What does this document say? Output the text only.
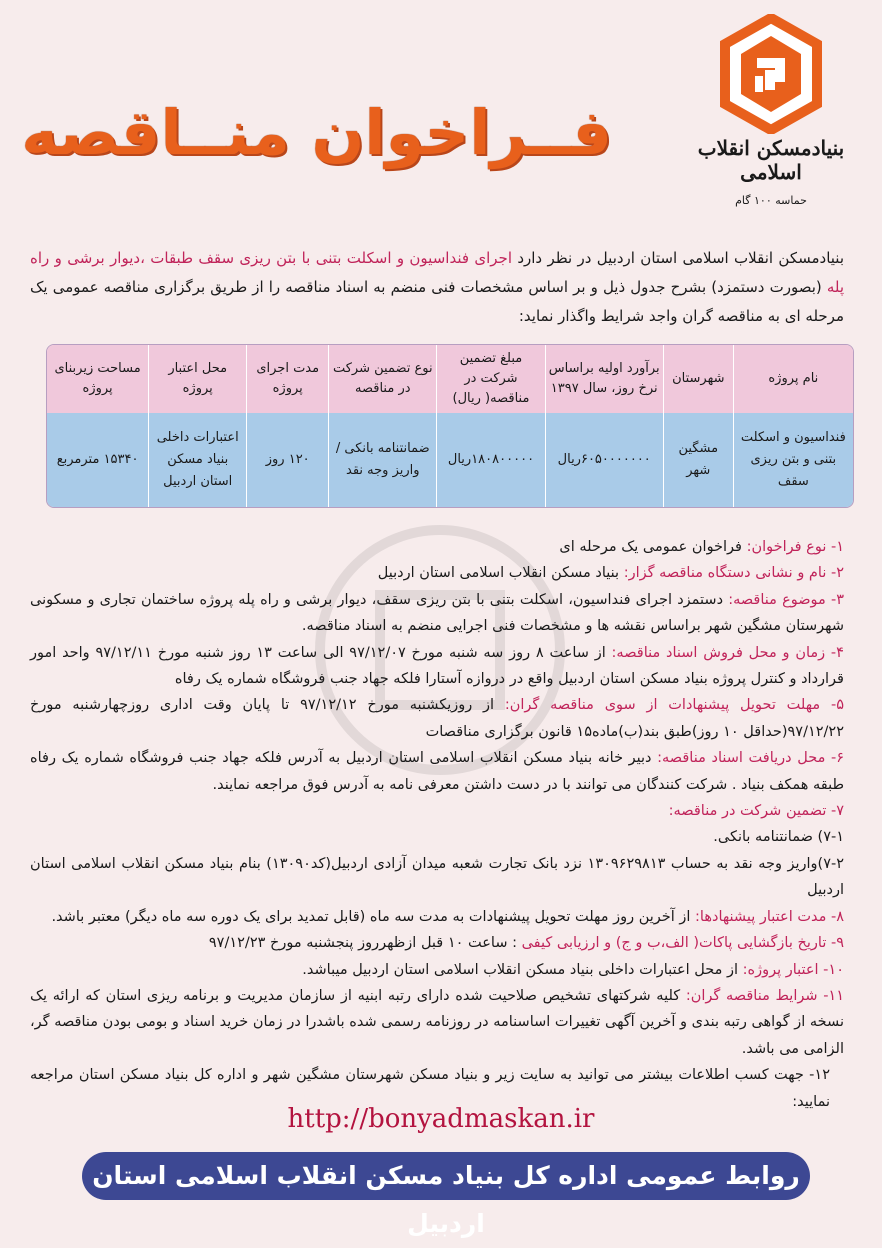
بنیادمسکن انقلاب اسلامی
حماسه ۱۰۰ گام
فــراخوان منــاقصه
بنیادمسکن انقلاب اسلامی استان اردبیل در نظر دارد اجرای فنداسیون و اسکلت بتنی با بتن ریزی سقف طبقات ،دیوار برشی و راه پله (بصورت دستمزد) بشرح جدول ذیل و بر اساس مشخصات فنی منضم به اسناد مناقصه را از طریق برگزاری مناقصه عمومی یک مرحله ای به مناقصه گران واجد شرایط واگذار نماید:
نام پروژه	شهرستان	برآورد اولیه براساس نرخ روز، سال ۱۳۹۷	مبلغ تضمین شرکت در مناقصه( ریال)	نوع تضمین شرکت در مناقصه	مدت اجرای پروژه	محل اعتبار پروژه	مساحت زیربنای پروژه
فنداسیون و اسکلت بتنی و بتن ریزی سقف	مشگین شهر	۶۰۵۰۰۰۰۰۰۰ریال	۱۸۰۸۰۰۰۰۰ریال	ضمانتنامه بانکی /واریز وجه نقد	۱۲۰ روز	اعتبارات داخلی بنیاد مسکن استان اردبیل	۱۵۳۴۰ مترمربع

۱- نوع فراخوان: فراخوان عمومی یک مرحله ای

۲- نام و نشانی دستگاه مناقصه گزار: بنیاد مسکن انقلاب اسلامی استان اردبیل

۳- موضوع مناقصه: دستمزد اجرای فنداسیون، اسکلت بتنی با بتن ریزی سقف، دیوار برشی و راه پله پروژه ساختمان تجاری و مسکونی شهرستان مشگین شهر براساس نقشه ها و مشخصات فنی اجرایی منضم به اسناد مناقصه.

۴- زمان و محل فروش اسناد مناقصه: از ساعت ۸ روز سه شنبه مورخ ۹۷/۱۲/۰۷ الی ساعت ۱۳ روز شنبه مورخ ۹۷/۱۲/۱۱ واحد امور قرارداد و کنترل پروژه بنیاد مسکن استان اردبیل واقع در دروازه آستارا فلکه جهاد جنب فروشگاه شماره یک رفاه

۵- مهلت تحویل پیشنهادات از سوی مناقصه گران: از روزیکشنبه مورخ ۹۷/۱۲/۱۲ تا پایان وقت اداری روزچهارشنبه مورخ ۹۷/۱۲/۲۲(حداقل ۱۰ روز)طبق بند(ب)ماده۱۵ قانون برگزاری مناقصات

۶- محل دریافت اسناد مناقصه: دبیر خانه بنیاد مسکن انقلاب اسلامی استان اردبیل به آدرس فلکه جهاد جنب فروشگاه شماره یک رفاه طبقه همکف بنیاد . شرکت کنندگان می توانند با در دست داشتن معرفی نامه به آدرس فوق مراجعه نمایند.

۷- تضمین شرکت در مناقصه:

۷-۱) ضمانتنامه بانکی.

۷-۲)واریز وجه نقد به حساب ۱۳۰۹۶۲۹۸۱۳ نزد بانک تجارت شعبه میدان آزادی اردبیل(کد۱۳۰۹۰) بنام بنیاد مسکن انقلاب اسلامی استان اردبیل

۸- مدت اعتبار پیشنهادها: از آخرین روز مهلت تحویل پیشنهادات به مدت سه ماه (قابل تمدید برای یک دوره سه ماه دیگر) معتبر باشد.

۹- تاریخ بازگشایی پاکات( الف،ب و ج) و ارزیابی کیفی : ساعت ۱۰ قبل ازظهرروز پنجشنبه مورخ ۹۷/۱۲/۲۳

۱۰- اعتبار پروژه: از محل اعتبارات داخلی بنیاد مسکن انقلاب اسلامی استان اردبیل میباشد.

۱۱- شرایط مناقصه گران: کلیه شرکتهای تشخیص صلاحیت شده دارای رتبه ابنیه از سازمان مدیریت و برنامه ریزی استان که ارائه یک نسخه از گواهی رتبه بندی و آخرین آگهی تغییرات اساسنامه در روزنامه رسمی شده باشدرا در زمان خرید اسناد و بومی بودن مناقصه گر، الزامی می باشد.

۱۲- جهت کسب اطلاعات بیشتر می توانید به سایت زیر و بنیاد مسکن شهرستان مشگین شهر و اداره کل بنیاد مسکن استان مراجعه نمایید:

http://bonyadmaskan.ir
روابط عمومی اداره کل بنیاد مسکن انقلاب اسلامی استان اردبیل
